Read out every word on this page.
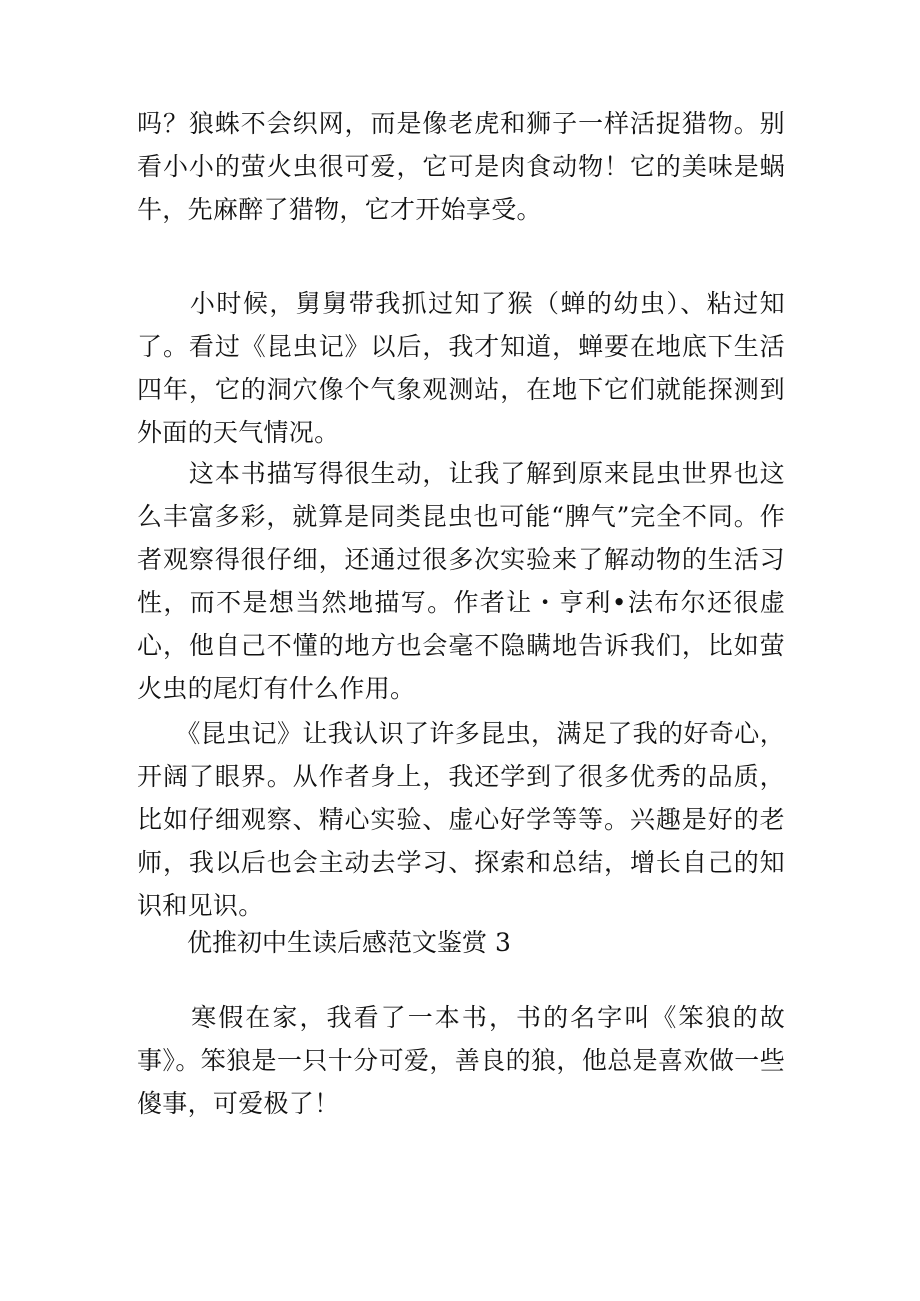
吗？狼蛛不会织网，而是像老虎和狮子一样活捉猎物。别看小小的萤火虫很可爱，它可是肉食动物！它的美味是蜗牛，先麻醉了猎物，它才开始享受。

　　小时候，舅舅带我抓过知了猴（蝉的幼虫）、粘过知了。看过《昆虫记》以后，我才知道，蝉要在地底下生活四年，它的洞穴像个气象观测站，在地下它们就能探测到外面的天气情况。

　　这本书描写得很生动，让我了解到原来昆虫世界也这么丰富多彩，就算是同类昆虫也可能“脾气”完全不同。作者观察得很仔细，还通过很多次实验来了解动物的生活习性，而不是想当然地描写。作者让・亨利•法布尔还很虚心，他自己不懂的地方也会毫不隐瞒地告诉我们，比如萤火虫的尾灯有什么作用。

　　《昆虫记》让我认识了许多昆虫，满足了我的好奇心，开阔了眼界。从作者身上，我还学到了很多优秀的品质，比如仔细观察、精心实验、虚心好学等等。兴趣是好的老师，我以后也会主动去学习、探索和总结，增长自己的知识和见识。

优推初中生读后感范文鉴赏 3

　　寒假在家，我看了一本书，书的名字叫《笨狼的故事》。笨狼是一只十分可爱，善良的狼，他总是喜欢做一些傻事，可爱极了！
